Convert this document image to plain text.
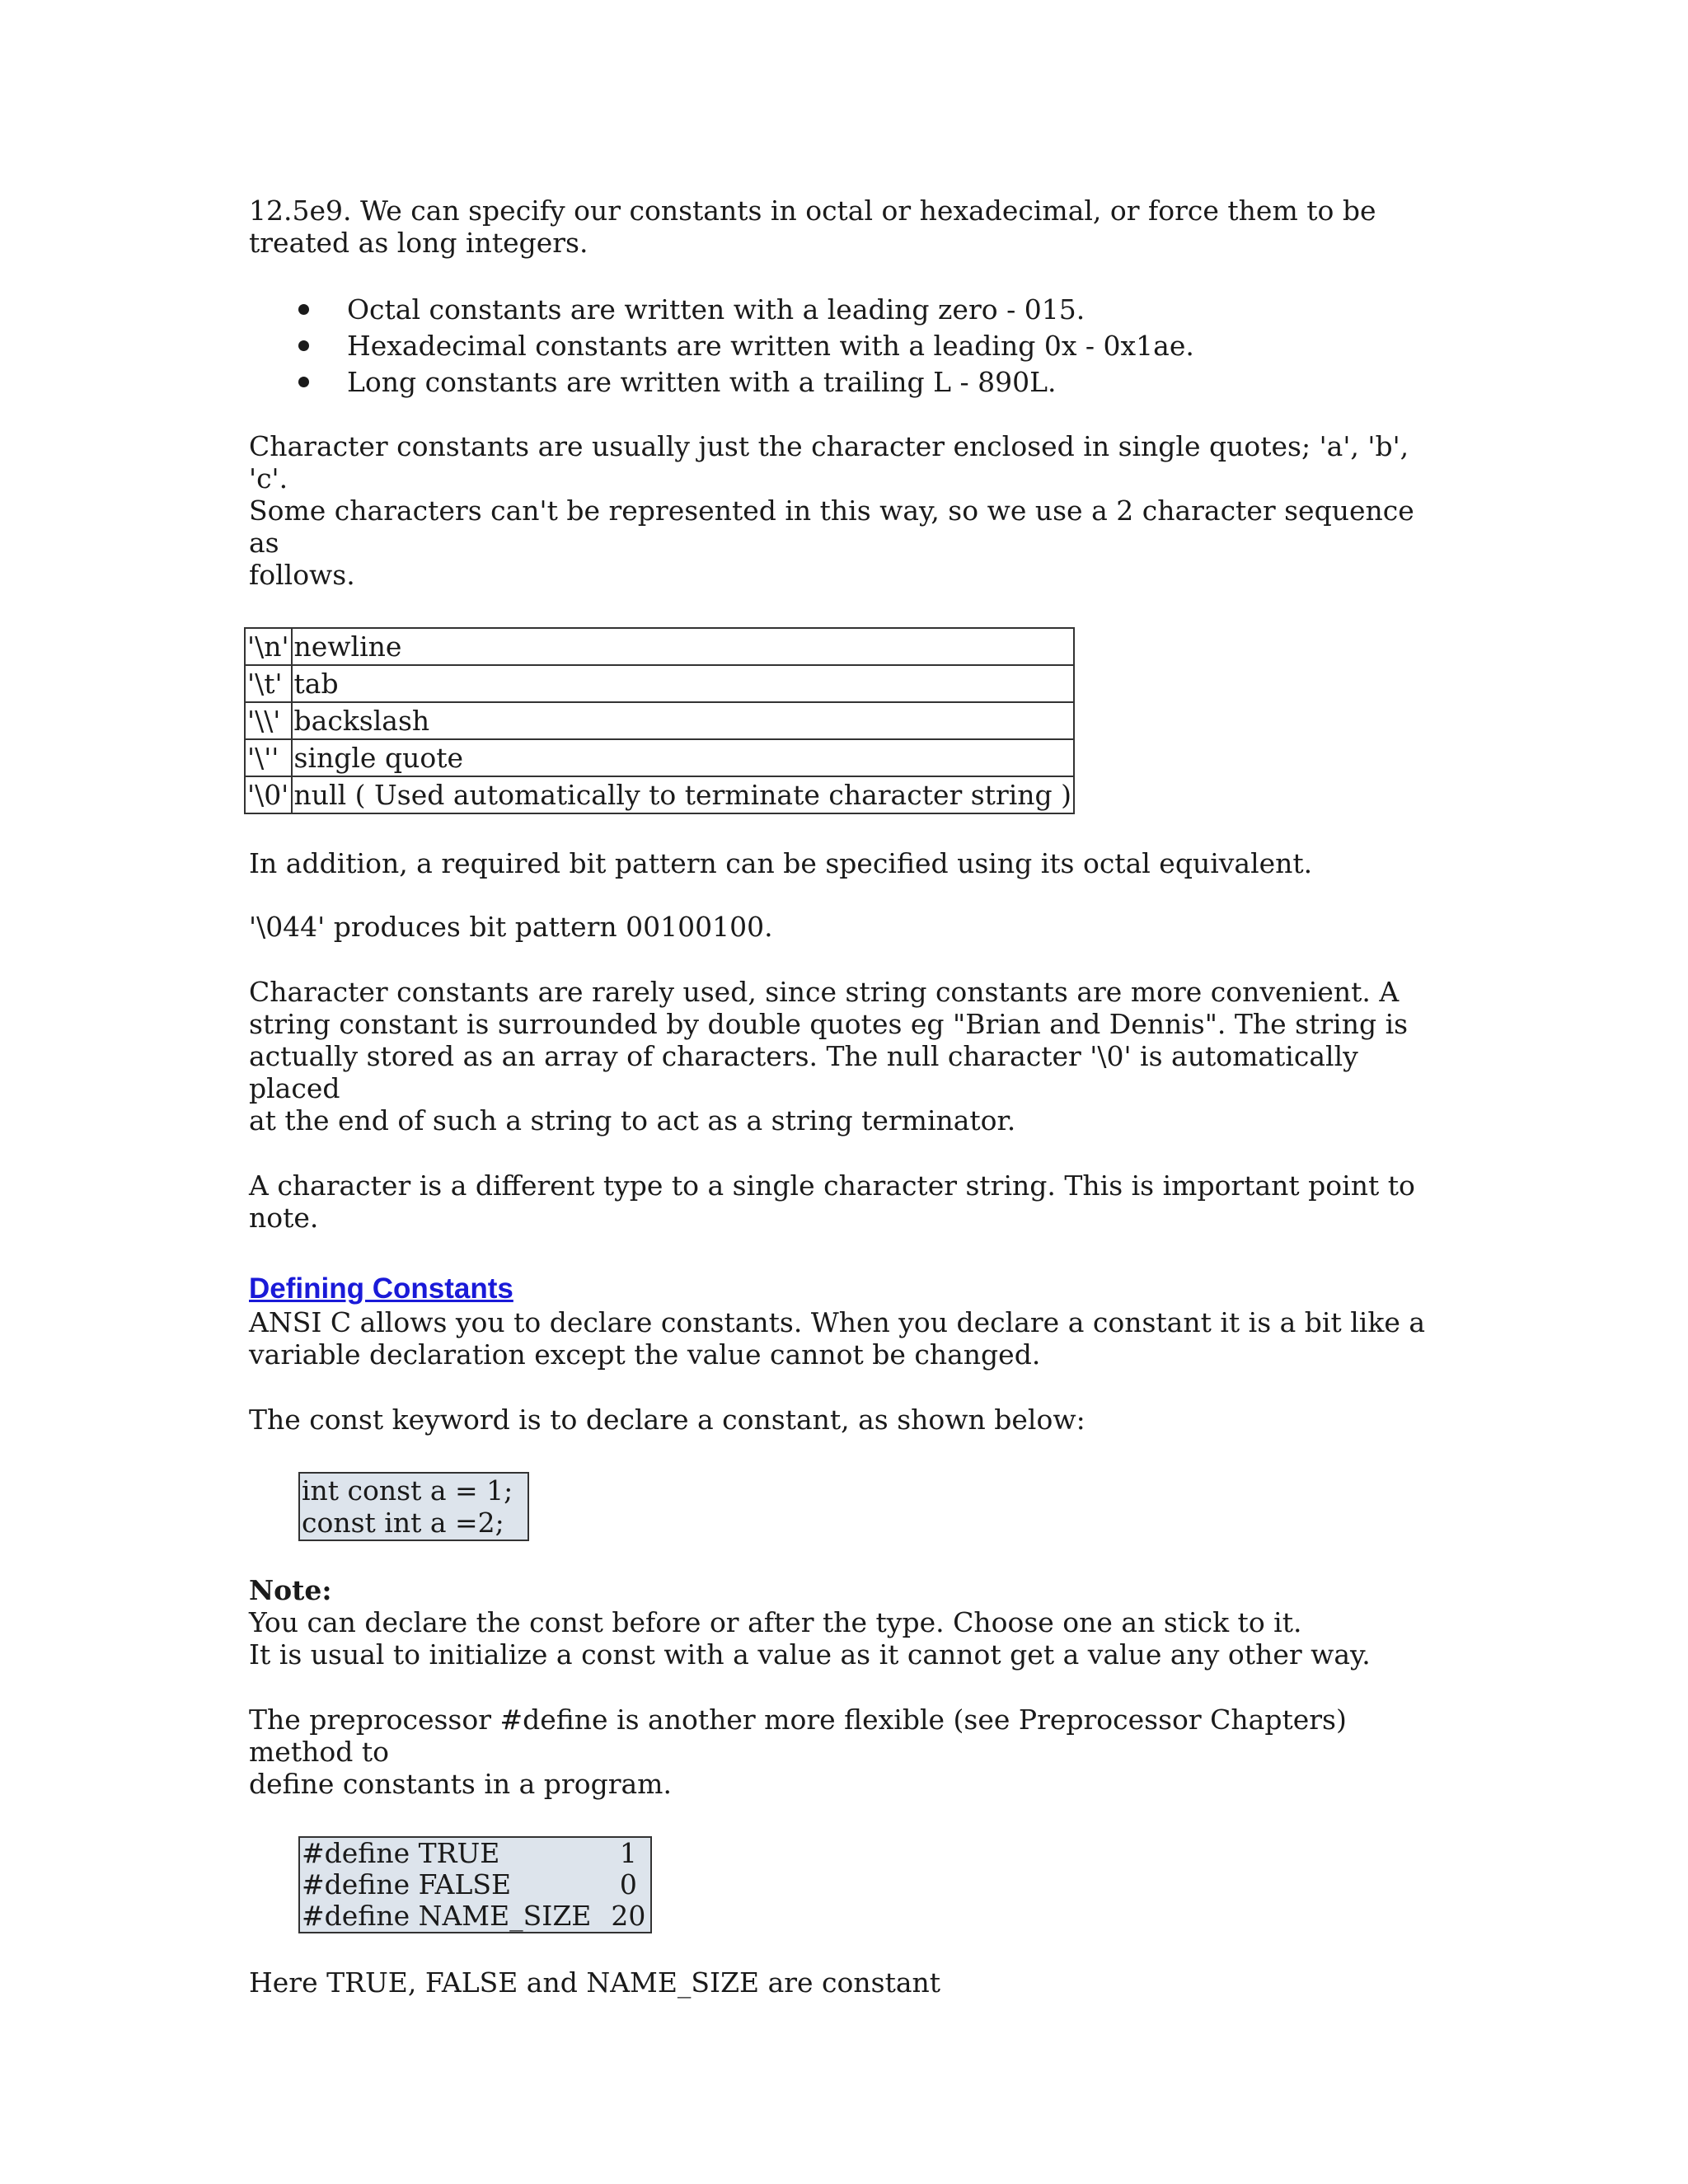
12.5e9. We can specify our constants in octal or hexadecimal, or force them to be
treated as long integers.

Octal constants are written with a leading zero - 015.
Hexadecimal constants are written with a leading 0x - 0x1ae.
Long constants are written with a trailing L - 890L.

Character constants are usually just the character enclosed in single quotes; 'a', 'b', 'c'.
Some characters can't be represented in this way, so we use a 2 character sequence as
follows.

'\n'	newline
'\t'	tab
'\\'	backslash
'\''	single quote
'\0'	null ( Used automatically to terminate character string )

In addition, a required bit pattern can be specified using its octal equivalent.

'\044' produces bit pattern 00100100.

Character constants are rarely used, since string constants are more convenient. A
string constant is surrounded by double quotes eg "Brian and Dennis". The string is
actually stored as an array of characters. The null character '\0' is automatically placed
at the end of such a string to act as a string terminator.

A character is a different type to a single character string. This is important point to
note.

Defining Constants

ANSI C allows you to declare constants. When you declare a constant it is a bit like a
variable declaration except the value cannot be changed.

The const keyword is to declare a constant, as shown below:

int const a = 1;
const int a =2;

Note:
You can declare the const before or after the type. Choose one an stick to it.
It is usual to initialize a const with a value as it cannot get a value any other way.

The preprocessor #define is another more flexible (see Preprocessor Chapters) method to
define constants in a program.

#define TRUE	1
#define FALSE	0
#define NAME_SIZE	20

Here TRUE, FALSE and NAME_SIZE are constant
